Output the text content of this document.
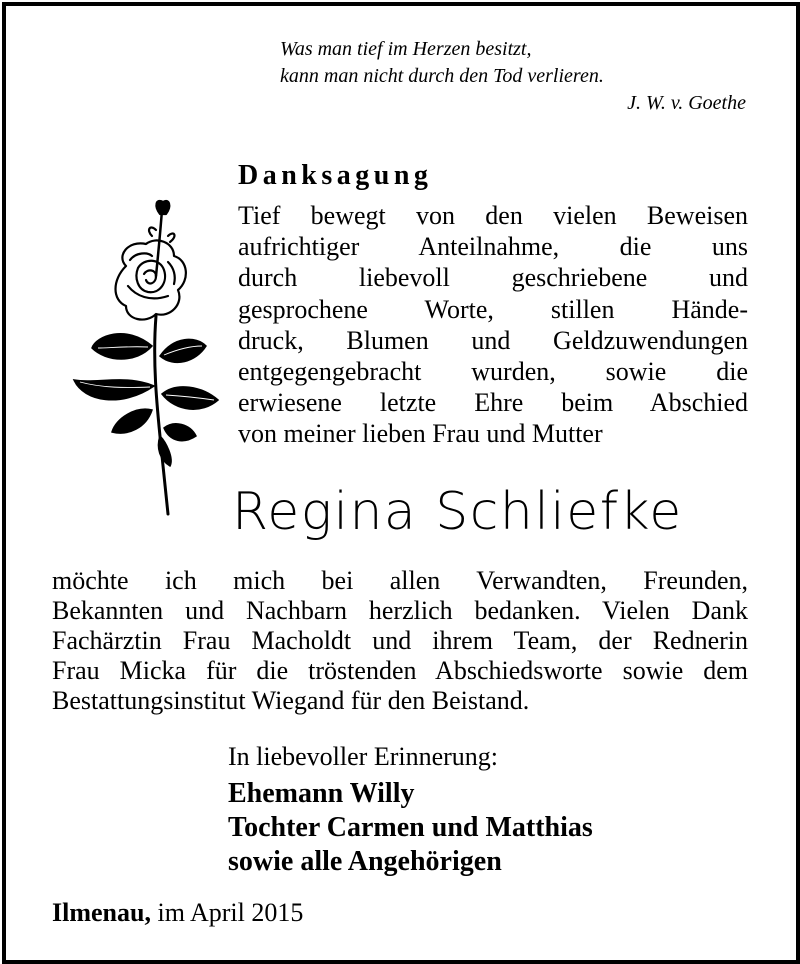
Was man tief im Herzen besitzt,
kann man nicht durch den Tod verlieren.
J. W. v. Goethe
Danksagung
Tief bewegt von den vielen Beweisen
aufrichtiger Anteilnahme, die uns
durch liebevoll geschriebene und
gesprochene Worte, stillen Hände-
druck, Blumen und Geldzuwendungen
entgegengebracht wurden, sowie die
erwiesene letzte Ehre beim Abschied
von meiner lieben Frau und Mutter
Regina Schliefke
möchte ich mich bei allen Verwandten, Freunden,
Bekannten und Nachbarn herzlich bedanken. Vielen Dank
Fachärztin Frau Macholdt und ihrem Team, der Rednerin
Frau Micka für die tröstenden Abschiedsworte sowie dem
Bestattungsinstitut Wiegand für den Beistand.
In liebevoller Erinnerung:
Ehemann Willy
Tochter Carmen und Matthias
sowie alle Angehörigen
Ilmenau, im April 2015
